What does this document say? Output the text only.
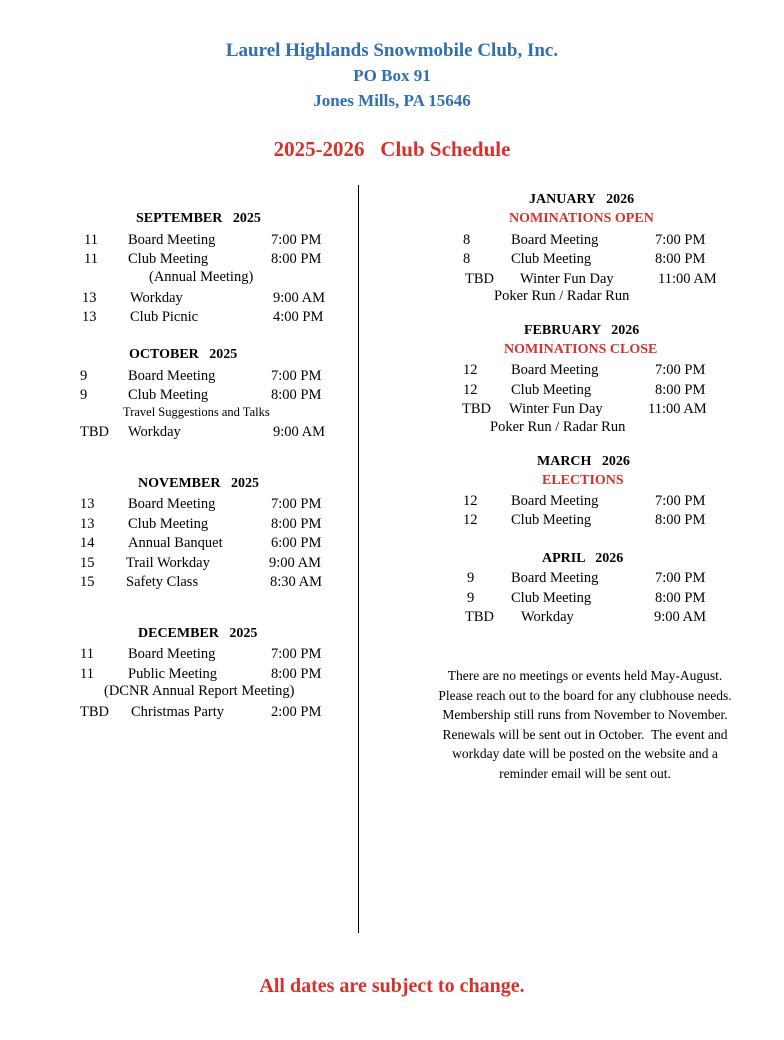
Laurel Highlands Snowmobile Club, Inc.
PO Box 91
Jones Mills, PA 15646
2025-2026   Club Schedule
SEPTEMBER   2025
11 Board Meeting	7:00 PM
11 Club Meeting	8:00 PM
(Annual Meeting)
13 Workday	9:00 AM
13 Club Picnic	4:00 PM
OCTOBER   2025
9	Board Meeting	7:00 PM
9	Club Meeting	8:00 PM
Travel Suggestions and Talks
TBD Workday	9:00 AM
NOVEMBER   2025
13 Board Meeting	7:00 PM
13 Club Meeting	8:00 PM
14 Annual Banquet	6:00 PM
15 Trail Workday	9:00 AM
15 Safety Class	8:30 AM
DECEMBER   2025
11 Board Meeting	7:00 PM
11 Public Meeting	8:00 PM
(DCNR Annual Report Meeting)
TBD Christmas Party	2:00 PM
JANUARY   2026
NOMINATIONS OPEN
8	Board Meeting	7:00 PM
8	Club Meeting	8:00 PM
TBD Winter Fun Day	11:00 AM
Poker Run / Radar Run
FEBRUARY   2026
NOMINATIONS CLOSE
12 Board Meeting	7:00 PM
12 Club Meeting	8:00 PM
TBD Winter Fun Day	11:00 AM
Poker Run / Radar Run
MARCH   2026
ELECTIONS
12 Board Meeting	7:00 PM
12 Club Meeting	8:00 PM
APRIL   2026
9	Board Meeting	7:00 PM
9	Club Meeting	8:00 PM
TBD Workday	9:00 AM
There are no meetings or events held May-August.
Please reach out to the board for any clubhouse needs.
Membership still runs from November to November.
Renewals will be sent out in October.  The event and
workday date will be posted on the website and a
reminder email will be sent out.
All dates are subject to change.
